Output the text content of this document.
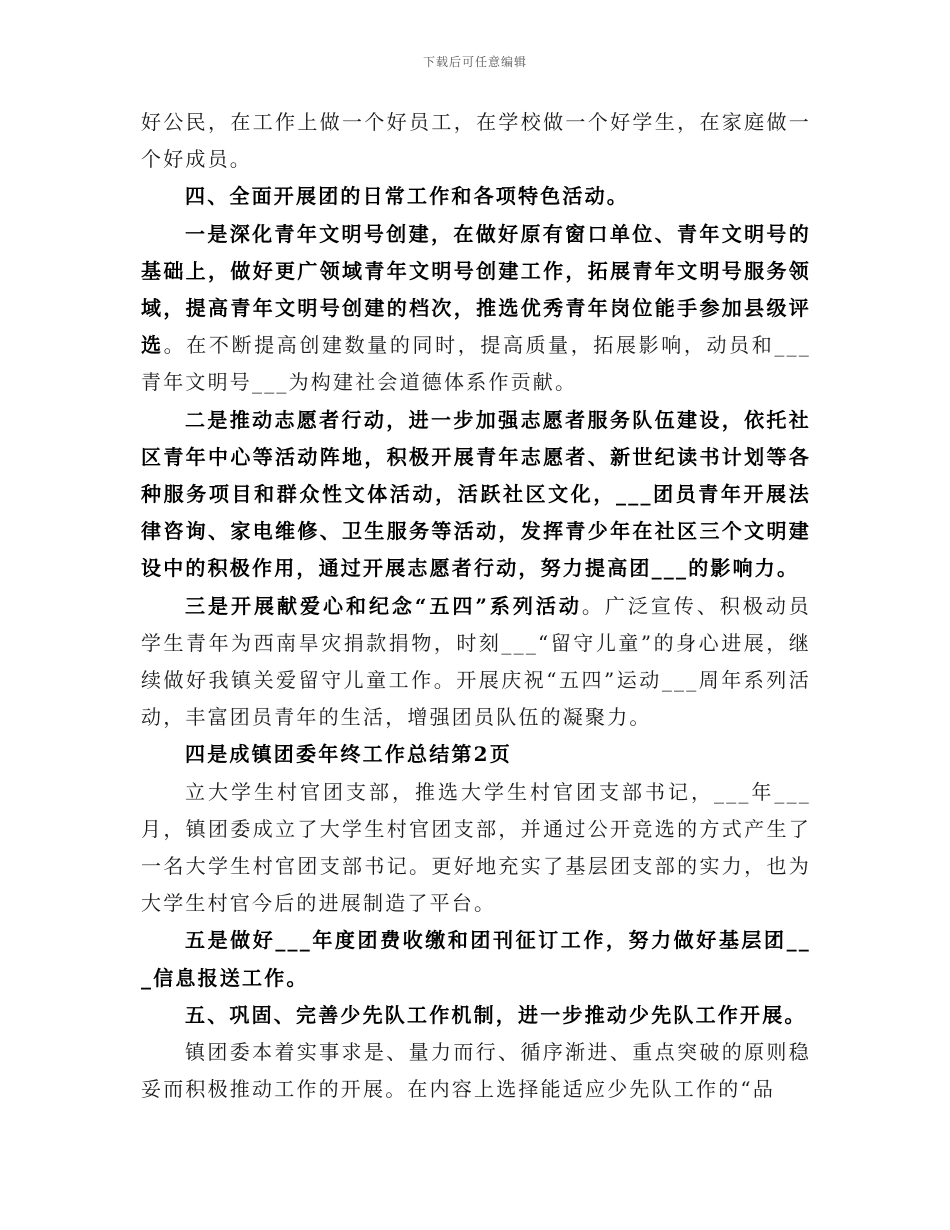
下载后可任意编辑

好公民，在工作上做一个好员工，在学校做一个好学生，在家庭做一个好成员。

四、全面开展团的日常工作和各项特色活动。

一是深化青年文明号创建，在做好原有窗口单位、青年文明号的基础上，做好更广领域青年文明号创建工作，拓展青年文明号服务领域，提高青年文明号创建的档次，推选优秀青年岗位能手参加县级评选。在不断提高创建数量的同时，提高质量，拓展影响，动员和___青年文明号___为构建社会道德体系作贡献。

二是推动志愿者行动，进一步加强志愿者服务队伍建设，依托社区青年中心等活动阵地，积极开展青年志愿者、新世纪读书计划等各种服务项目和群众性文体活动，活跃社区文化，___团员青年开展法律咨询、家电维修、卫生服务等活动，发挥青少年在社区三个文明建设中的积极作用，通过开展志愿者行动，努力提高团___的影响力。

三是开展献爱心和纪念“五四”系列活动。广泛宣传、积极动员学生青年为西南旱灾捐款捐物，时刻___“留守儿童”的身心进展，继续做好我镇关爱留守儿童工作。开展庆祝“五四”运动___周年系列活动，丰富团员青年的生活，增强团员队伍的凝聚力。

四是成镇团委年终工作总结第2页

立大学生村官团支部，推选大学生村官团支部书记，___年___月，镇团委成立了大学生村官团支部，并通过公开竞选的方式产生了一名大学生村官团支部书记。更好地充实了基层团支部的实力，也为大学生村官今后的进展制造了平台。

五是做好___年度团费收缴和团刊征订工作，努力做好基层团___信息报送工作。

五、巩固、完善少先队工作机制，进一步推动少先队工作开展。

镇团委本着实事求是、量力而行、循序渐进、重点突破的原则稳妥而积极推动工作的开展。在内容上选择能适应少先队工作的“品
